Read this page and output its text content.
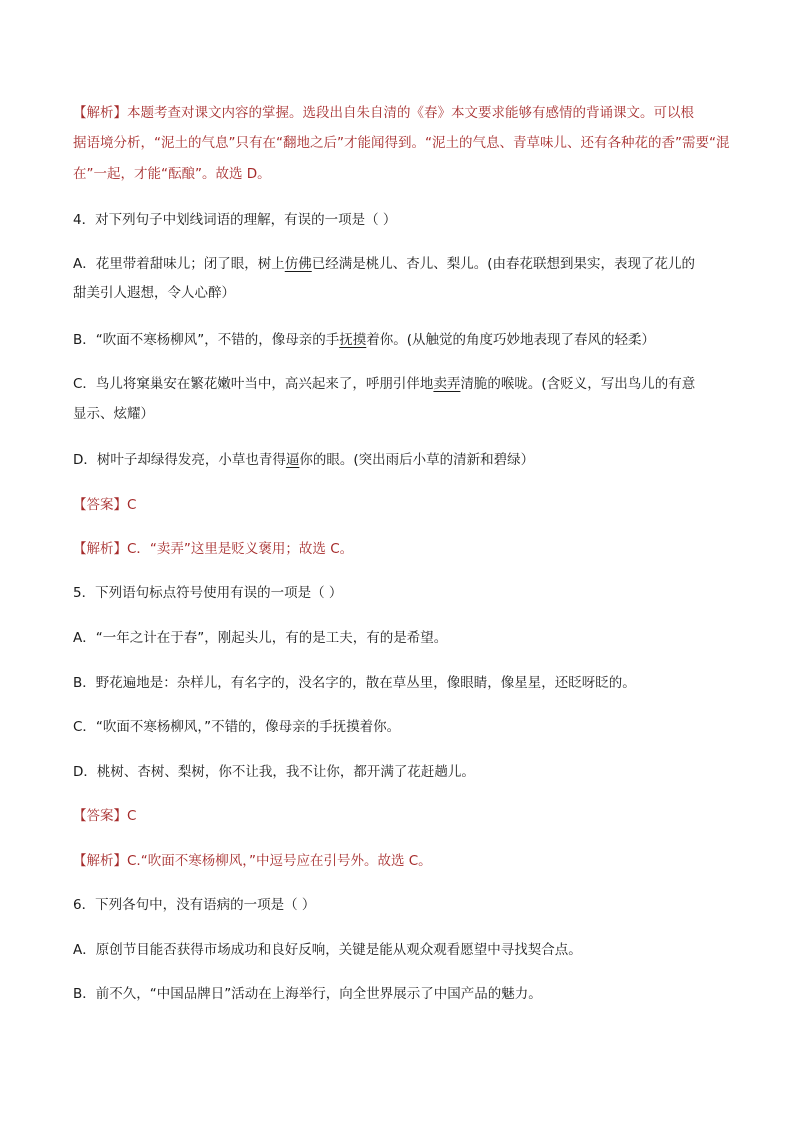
【解析】本题考查对课文内容的掌握。选段出自朱自清的《春》本文要求能够有感情的背诵课文。可以根
据语境分析，“泥土的气息”只有在“翻地之后”才能闻得到。“泥土的气息、青草味儿、还有各种花的香”需要“混
在”一起，才能“酝酿”。故选 D。
4．对下列句子中划线词语的理解，有误的一项是（ ）
A．花里带着甜味儿；闭了眼，树上仿佛已经满是桃儿、杏儿、梨儿。(由春花联想到果实，表现了花儿的
甜美引人遐想，令人心醉）
B．“吹面不寒杨柳风”，不错的，像母亲的手抚摸着你。(从触觉的角度巧妙地表现了春风的轻柔）
C．鸟儿将窠巢安在繁花嫩叶当中，高兴起来了，呼朋引伴地卖弄清脆的喉咙。(含贬义，写出鸟儿的有意
显示、炫耀）
D．树叶子却绿得发亮，小草也青得逼你的眼。(突出雨后小草的清新和碧绿）
【答案】C
【解析】C．“卖弄”这里是贬义褒用；故选 C。
5．下列语句标点符号使用有误的一项是（ ）
A．“一年之计在于春”，刚起头儿，有的是工夫，有的是希望。
B．野花遍地是：杂样儿，有名字的，没名字的，散在草丛里，像眼睛，像星星，还眨呀眨的。
C．“吹面不寒杨柳风，”不错的，像母亲的手抚摸着你。
D．桃树、杏树、梨树，你不让我，我不让你，都开满了花赶趟儿。
【答案】C
【解析】C.“吹面不寒杨柳风，”中逗号应在引号外。故选 C。
6．下列各句中，没有语病的一项是（ ）
A．原创节目能否获得市场成功和良好反响，关键是能从观众观看愿望中寻找契合点。
B．前不久，“中国品牌日”活动在上海举行，向全世界展示了中国产品的魅力。
